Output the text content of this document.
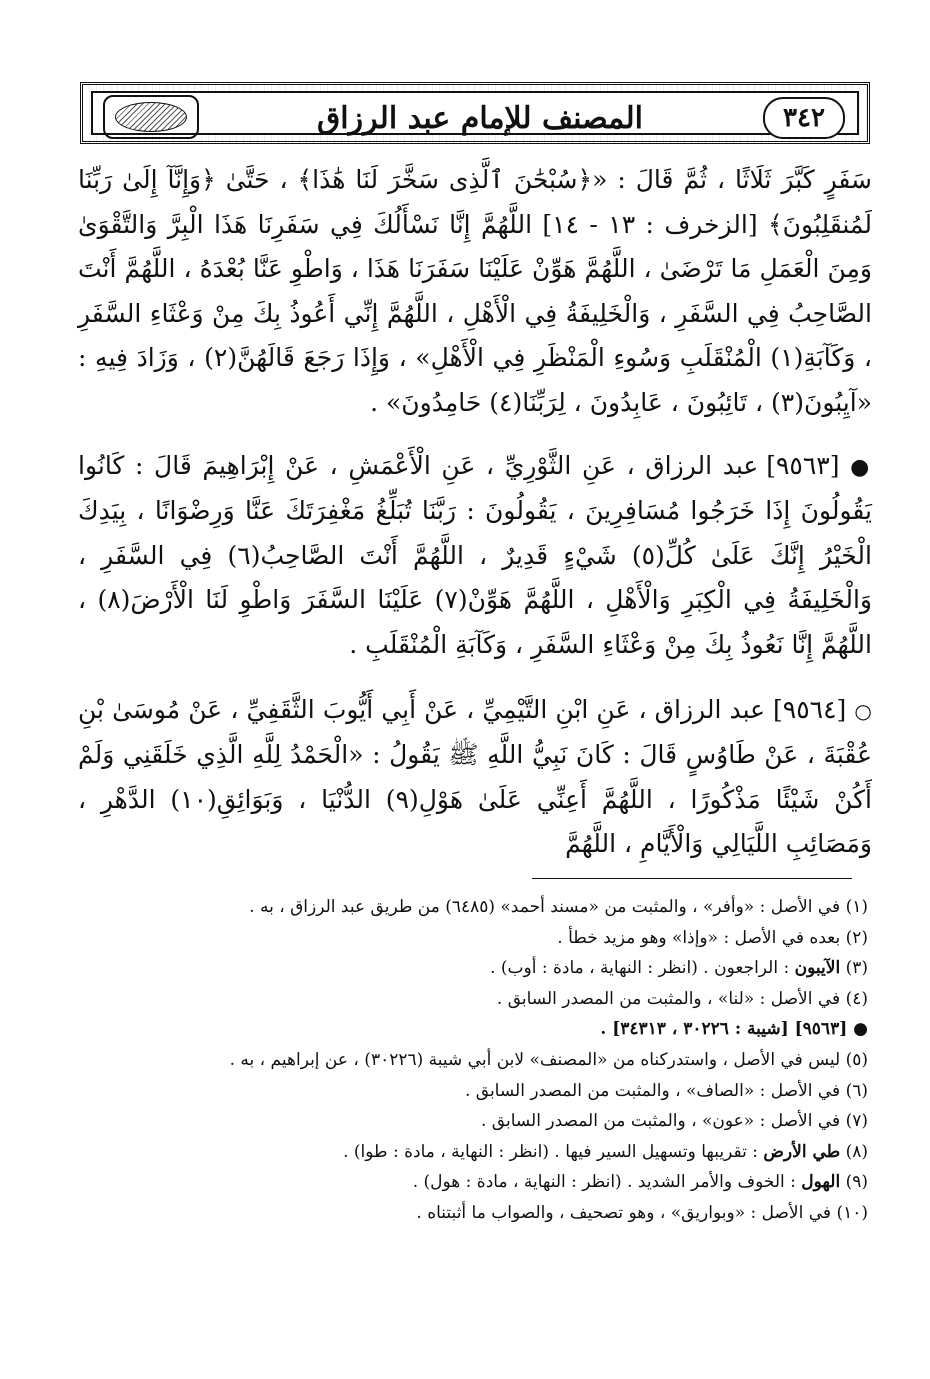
٣٤٢
المصنف للإمام عبد الرزاق

سَفَرٍ كَبَّرَ ثَلَاثًا ، ثُمَّ قَالَ : «﴿سُبْحَٰنَ ٱلَّذِى سَخَّرَ لَنَا هَٰذَا﴾ ، حَتَّىٰ ﴿وَإِنَّآ إِلَىٰ رَبِّنَا لَمُنقَلِبُونَ﴾ [الزخرف : ١٣ - ١٤] اللَّهُمَّ إِنَّا نَسْأَلُكَ فِي سَفَرِنَا هَذَا الْبِرَّ وَالتَّقْوَىٰ وَمِنَ الْعَمَلِ مَا تَرْضَىٰ ، اللَّهُمَّ هَوِّنْ عَلَيْنَا سَفَرَنَا هَذَا ، وَاطْوِ عَنَّا بُعْدَهُ ، اللَّهُمَّ أَنْتَ الصَّاحِبُ فِي السَّفَرِ ، وَالْخَلِيفَةُ فِي الْأَهْلِ ، اللَّهُمَّ إِنِّي أَعُوذُ بِكَ مِنْ وَعْثَاءِ السَّفَرِ ، وَكَآبَةِ(١) الْمُنْقَلَبِ وَسُوءِ الْمَنْظَرِ فِي الْأَهْلِ» ، وَإِذَا رَجَعَ قَالَهُنَّ(٢) ، وَزَادَ فِيهِ : «آيِبُونَ(٣) ، تَائِبُونَ ، عَابِدُونَ ، لِرَبِّنَا(٤) حَامِدُونَ» .

● [٩٥٦٣] عبد الرزاق ، عَنِ الثَّوْرِيِّ ، عَنِ الْأَعْمَشِ ، عَنْ إِبْرَاهِيمَ قَالَ : كَانُوا يَقُولُونَ إِذَا خَرَجُوا مُسَافِرِينَ ، يَقُولُونَ : رَبَّنَا تُبَلِّغُ مَغْفِرَتَكَ عَنَّا وَرِضْوَانًا ، بِيَدِكَ الْخَيْرُ إِنَّكَ عَلَىٰ كُلِّ(٥) شَيْءٍ قَدِيرٌ ، اللَّهُمَّ أَنْتَ الصَّاحِبُ(٦) فِي السَّفَرِ ، وَالْخَلِيفَةُ فِي الْكِبَرِ وَالْأَهْلِ ، اللَّهُمَّ هَوِّنْ(٧) عَلَيْنَا السَّفَرَ وَاطْوِ لَنَا الْأَرْضَ(٨) ، اللَّهُمَّ إِنَّا نَعُوذُ بِكَ مِنْ وَعْثَاءِ السَّفَرِ ، وَكَآبَةِ الْمُنْقَلَبِ .

○ [٩٥٦٤] عبد الرزاق ، عَنِ ابْنِ التَّيْمِيِّ ، عَنْ أَبِي أَيُّوبَ الثَّقَفِيِّ ، عَنْ مُوسَىٰ بْنِ عُقْبَةَ ، عَنْ طَاوُسٍ قَالَ : كَانَ نَبِيُّ اللَّهِ ﷺ يَقُولُ : «الْحَمْدُ لِلَّهِ الَّذِي خَلَقَنِي وَلَمْ أَكُنْ شَيْئًا مَذْكُورًا ، اللَّهُمَّ أَعِنِّي عَلَىٰ هَوْلِ(٩) الدُّنْيَا ، وَبَوَائِقِ(١٠) الدَّهْرِ ، وَمَصَائِبِ اللَّيَالِي وَالْأَيَّامِ ، اللَّهُمَّ

(١) في الأصل : «وأفر» ، والمثبت من «مسند أحمد» (٦٤٨٥) من طريق عبد الرزاق ، به .

(٢) بعده في الأصل : «وإذا» وهو مزيد خطأ .

(٣) الآيبون : الراجعون . (انظر : النهاية ، مادة : أوب) .

(٤) في الأصل : «لنا» ، والمثبت من المصدر السابق .

● [٩٥٦٣] [شيبة : ٣٠٢٢٦ ، ٣٤٣١٣] .

(٥) ليس في الأصل ، واستدركناه من «المصنف» لابن أبي شيبة (٣٠٢٢٦) ، عن إبراهيم ، به .

(٦) في الأصل : «الصاف» ، والمثبت من المصدر السابق .

(٧) في الأصل : «عون» ، والمثبت من المصدر السابق .

(٨) طي الأرض : تقريبها وتسهيل السير فيها . (انظر : النهاية ، مادة : طوا) .

(٩) الهول : الخوف والأمر الشديد . (انظر : النهاية ، مادة : هول) .

(١٠) في الأصل : «وبواريق» ، وهو تصحيف ، والصواب ما أثبتناه .
